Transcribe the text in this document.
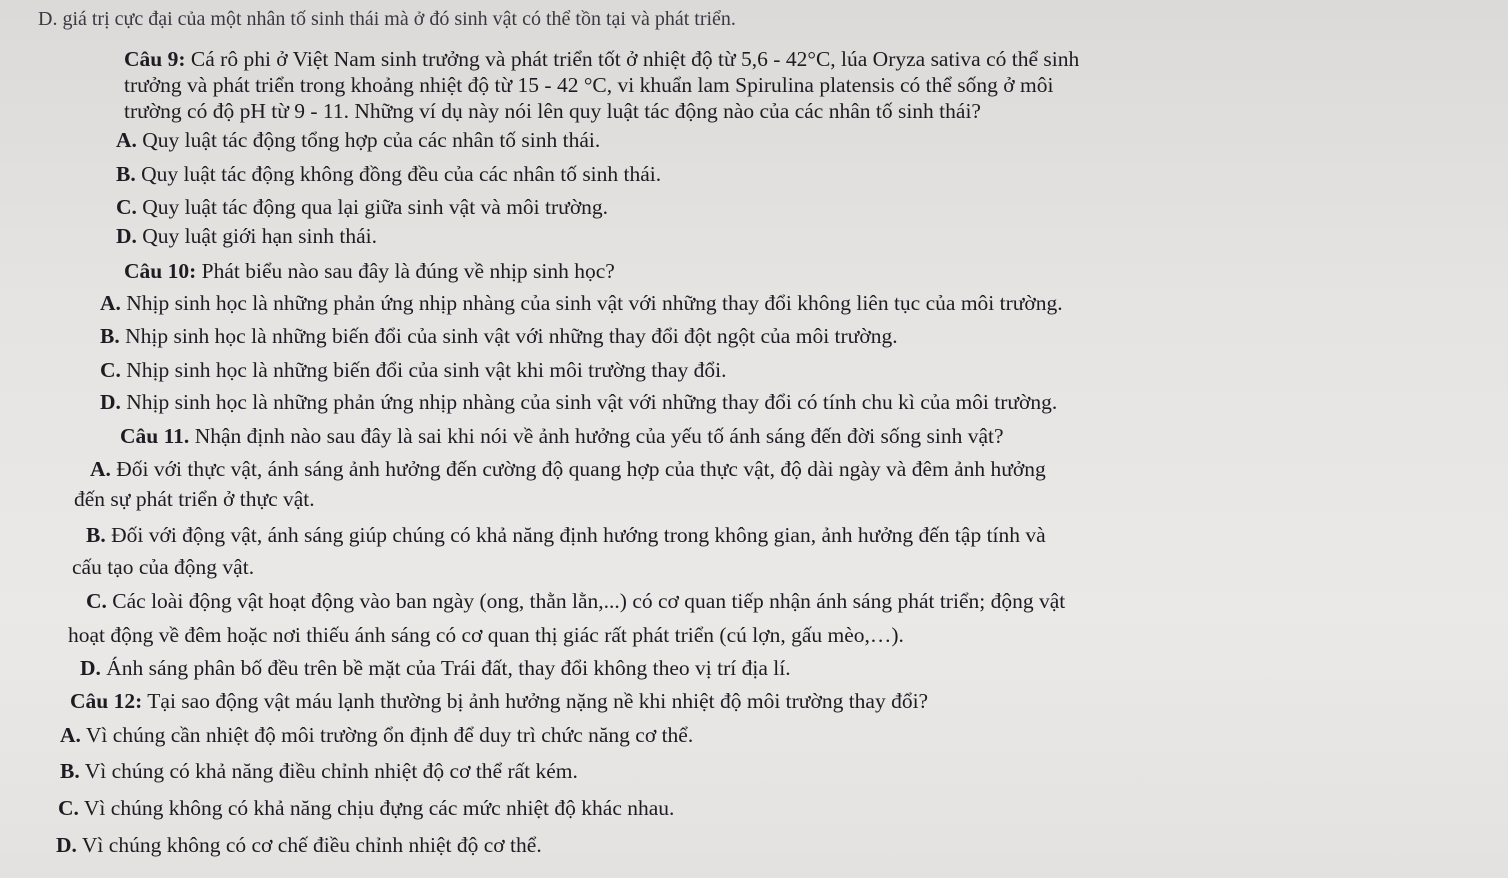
D. giá trị cực đại của một nhân tố sinh thái mà ở đó sinh vật có thể tồn tại và phát triển.
Câu 9: Cá rô phi ở Việt Nam sinh trưởng và phát triển tốt ở nhiệt độ từ 5,6 - 42°C, lúa Oryza sativa có thể sinh
trưởng và phát triển trong khoảng nhiệt độ từ 15 - 42 °C, vi khuẩn lam Spirulina platensis có thể sống ở môi
trường có độ pH từ 9 - 11. Những ví dụ này nói lên quy luật tác động nào của các nhân tố sinh thái?
A. Quy luật tác động tổng hợp của các nhân tố sinh thái.
B. Quy luật tác động không đồng đều của các nhân tố sinh thái.
C. Quy luật tác động qua lại giữa sinh vật và môi trường.
D. Quy luật giới hạn sinh thái.
Câu 10: Phát biểu nào sau đây là đúng về nhịp sinh học?
A. Nhịp sinh học là những phản ứng nhịp nhàng của sinh vật với những thay đổi không liên tục của môi trường.
B. Nhịp sinh học là những biến đổi của sinh vật với những thay đổi đột ngột của môi trường.
C. Nhịp sinh học là những biến đổi của sinh vật khi môi trường thay đổi.
D. Nhịp sinh học là những phản ứng nhịp nhàng của sinh vật với những thay đổi có tính chu kì của môi trường.
Câu 11. Nhận định nào sau đây là sai khi nói về ảnh hưởng của yếu tố ánh sáng đến đời sống sinh vật?
A. Đối với thực vật, ánh sáng ảnh hưởng đến cường độ quang hợp của thực vật, độ dài ngày và đêm ảnh hưởng
đến sự phát triển ở thực vật.
B. Đối với động vật, ánh sáng giúp chúng có khả năng định hướng trong không gian, ảnh hưởng đến tập tính và
cấu tạo của động vật.
C. Các loài động vật hoạt động vào ban ngày (ong, thằn lằn,...) có cơ quan tiếp nhận ánh sáng phát triển; động vật
hoạt động về đêm hoặc nơi thiếu ánh sáng có cơ quan thị giác rất phát triển (cú lợn, gấu mèo,…).
D. Ánh sáng phân bố đều trên bề mặt của Trái đất, thay đổi không theo vị trí địa lí.
Câu 12: Tại sao động vật máu lạnh thường bị ảnh hưởng nặng nề khi nhiệt độ môi trường thay đổi?
A. Vì chúng cần nhiệt độ môi trường ổn định để duy trì chức năng cơ thể.
B. Vì chúng có khả năng điều chỉnh nhiệt độ cơ thể rất kém.
C. Vì chúng không có khả năng chịu đựng các mức nhiệt độ khác nhau.
D. Vì chúng không có cơ chế điều chỉnh nhiệt độ cơ thể.
